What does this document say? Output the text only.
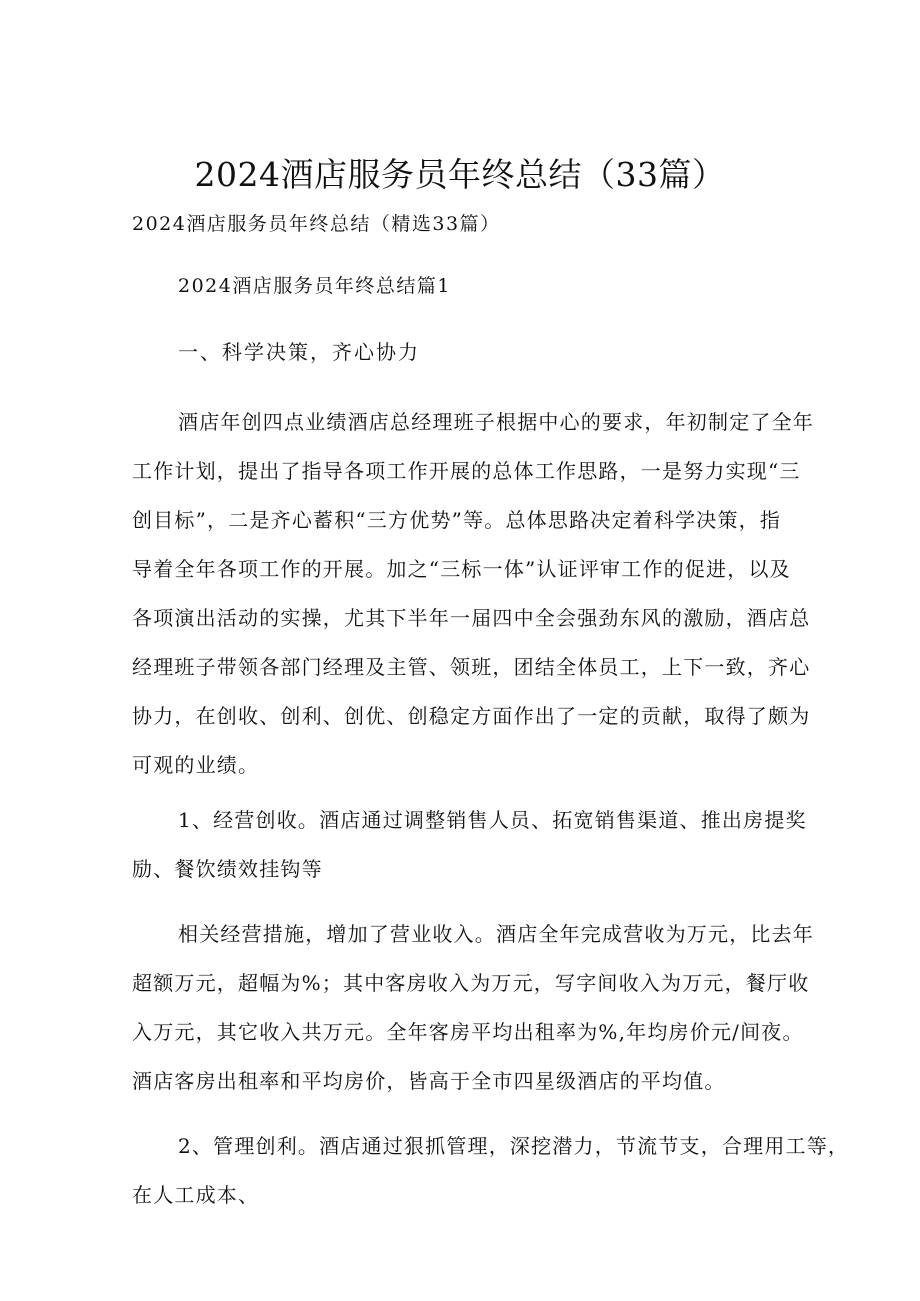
2024酒店服务员年终总结（33篇）
2024酒店服务员年终总结（精选33篇）
2024酒店服务员年终总结篇1
一、科学决策，齐心协力
酒店年创四点业绩酒店总经理班子根据中心的要求，年初制定了全年
工作计划，提出了指导各项工作开展的总体工作思路，一是努力实现“三
创目标”，二是齐心蓄积“三方优势”等。总体思路决定着科学决策，指
导着全年各项工作的开展。加之“三标一体”认证评审工作的促进，以及
各项演出活动的实操，尤其下半年一届四中全会强劲东风的激励，酒店总
经理班子带领各部门经理及主管、领班，团结全体员工，上下一致，齐心
协力，在创收、创利、创优、创稳定方面作出了一定的贡献，取得了颇为
可观的业绩。
1、经营创收。酒店通过调整销售人员、拓宽销售渠道、推出房提奖
励、餐饮绩效挂钩等
相关经营措施，增加了营业收入。酒店全年完成营收为万元，比去年
超额万元，超幅为%；其中客房收入为万元，写字间收入为万元，餐厅收
入万元，其它收入共万元。全年客房平均出租率为%,年均房价元/间夜。
酒店客房出租率和平均房价，皆高于全市四星级酒店的平均值。
2、管理创利。酒店通过狠抓管理，深挖潜力，节流节支，合理用工等，
在人工成本、
